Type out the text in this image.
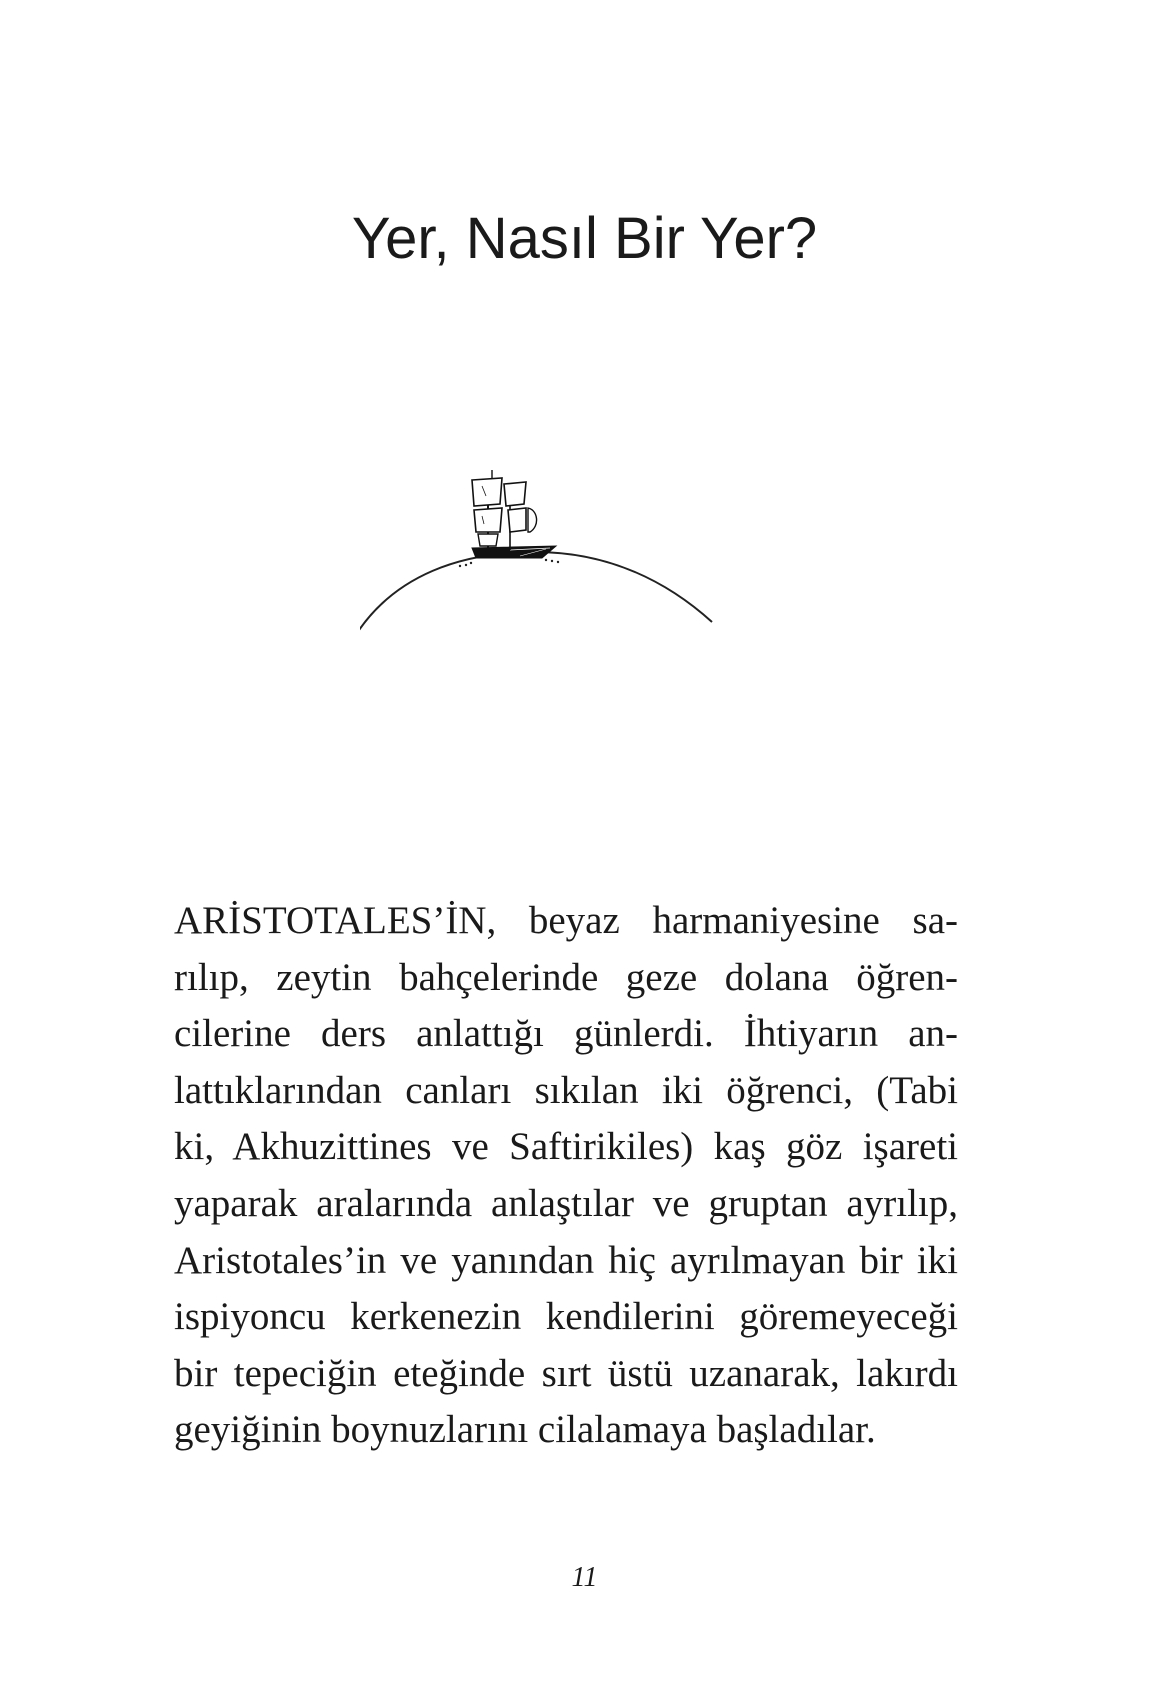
Yer, Nasıl Bir Yer?

ARİSTOTALES’İN, beyaz harmaniyesine sa-
rılıp, zeytin bahçelerinde geze dolana öğren-
cilerine ders anlattığı günlerdi. İhtiyarın an-
lattıklarından canları sıkılan iki öğrenci, (Tabi
ki, Akhuzittines ve Saftirikiles) kaş göz işareti
yaparak aralarında anlaştılar ve gruptan ayrılıp,
Aristotales’in ve yanından hiç ayrılmayan bir iki
ispiyoncu kerkenezin kendilerini göremeyeceği
bir tepeciğin eteğinde sırt üstü uzanarak, lakırdı
geyiğinin boynuzlarını cilalamaya başladılar.

11
